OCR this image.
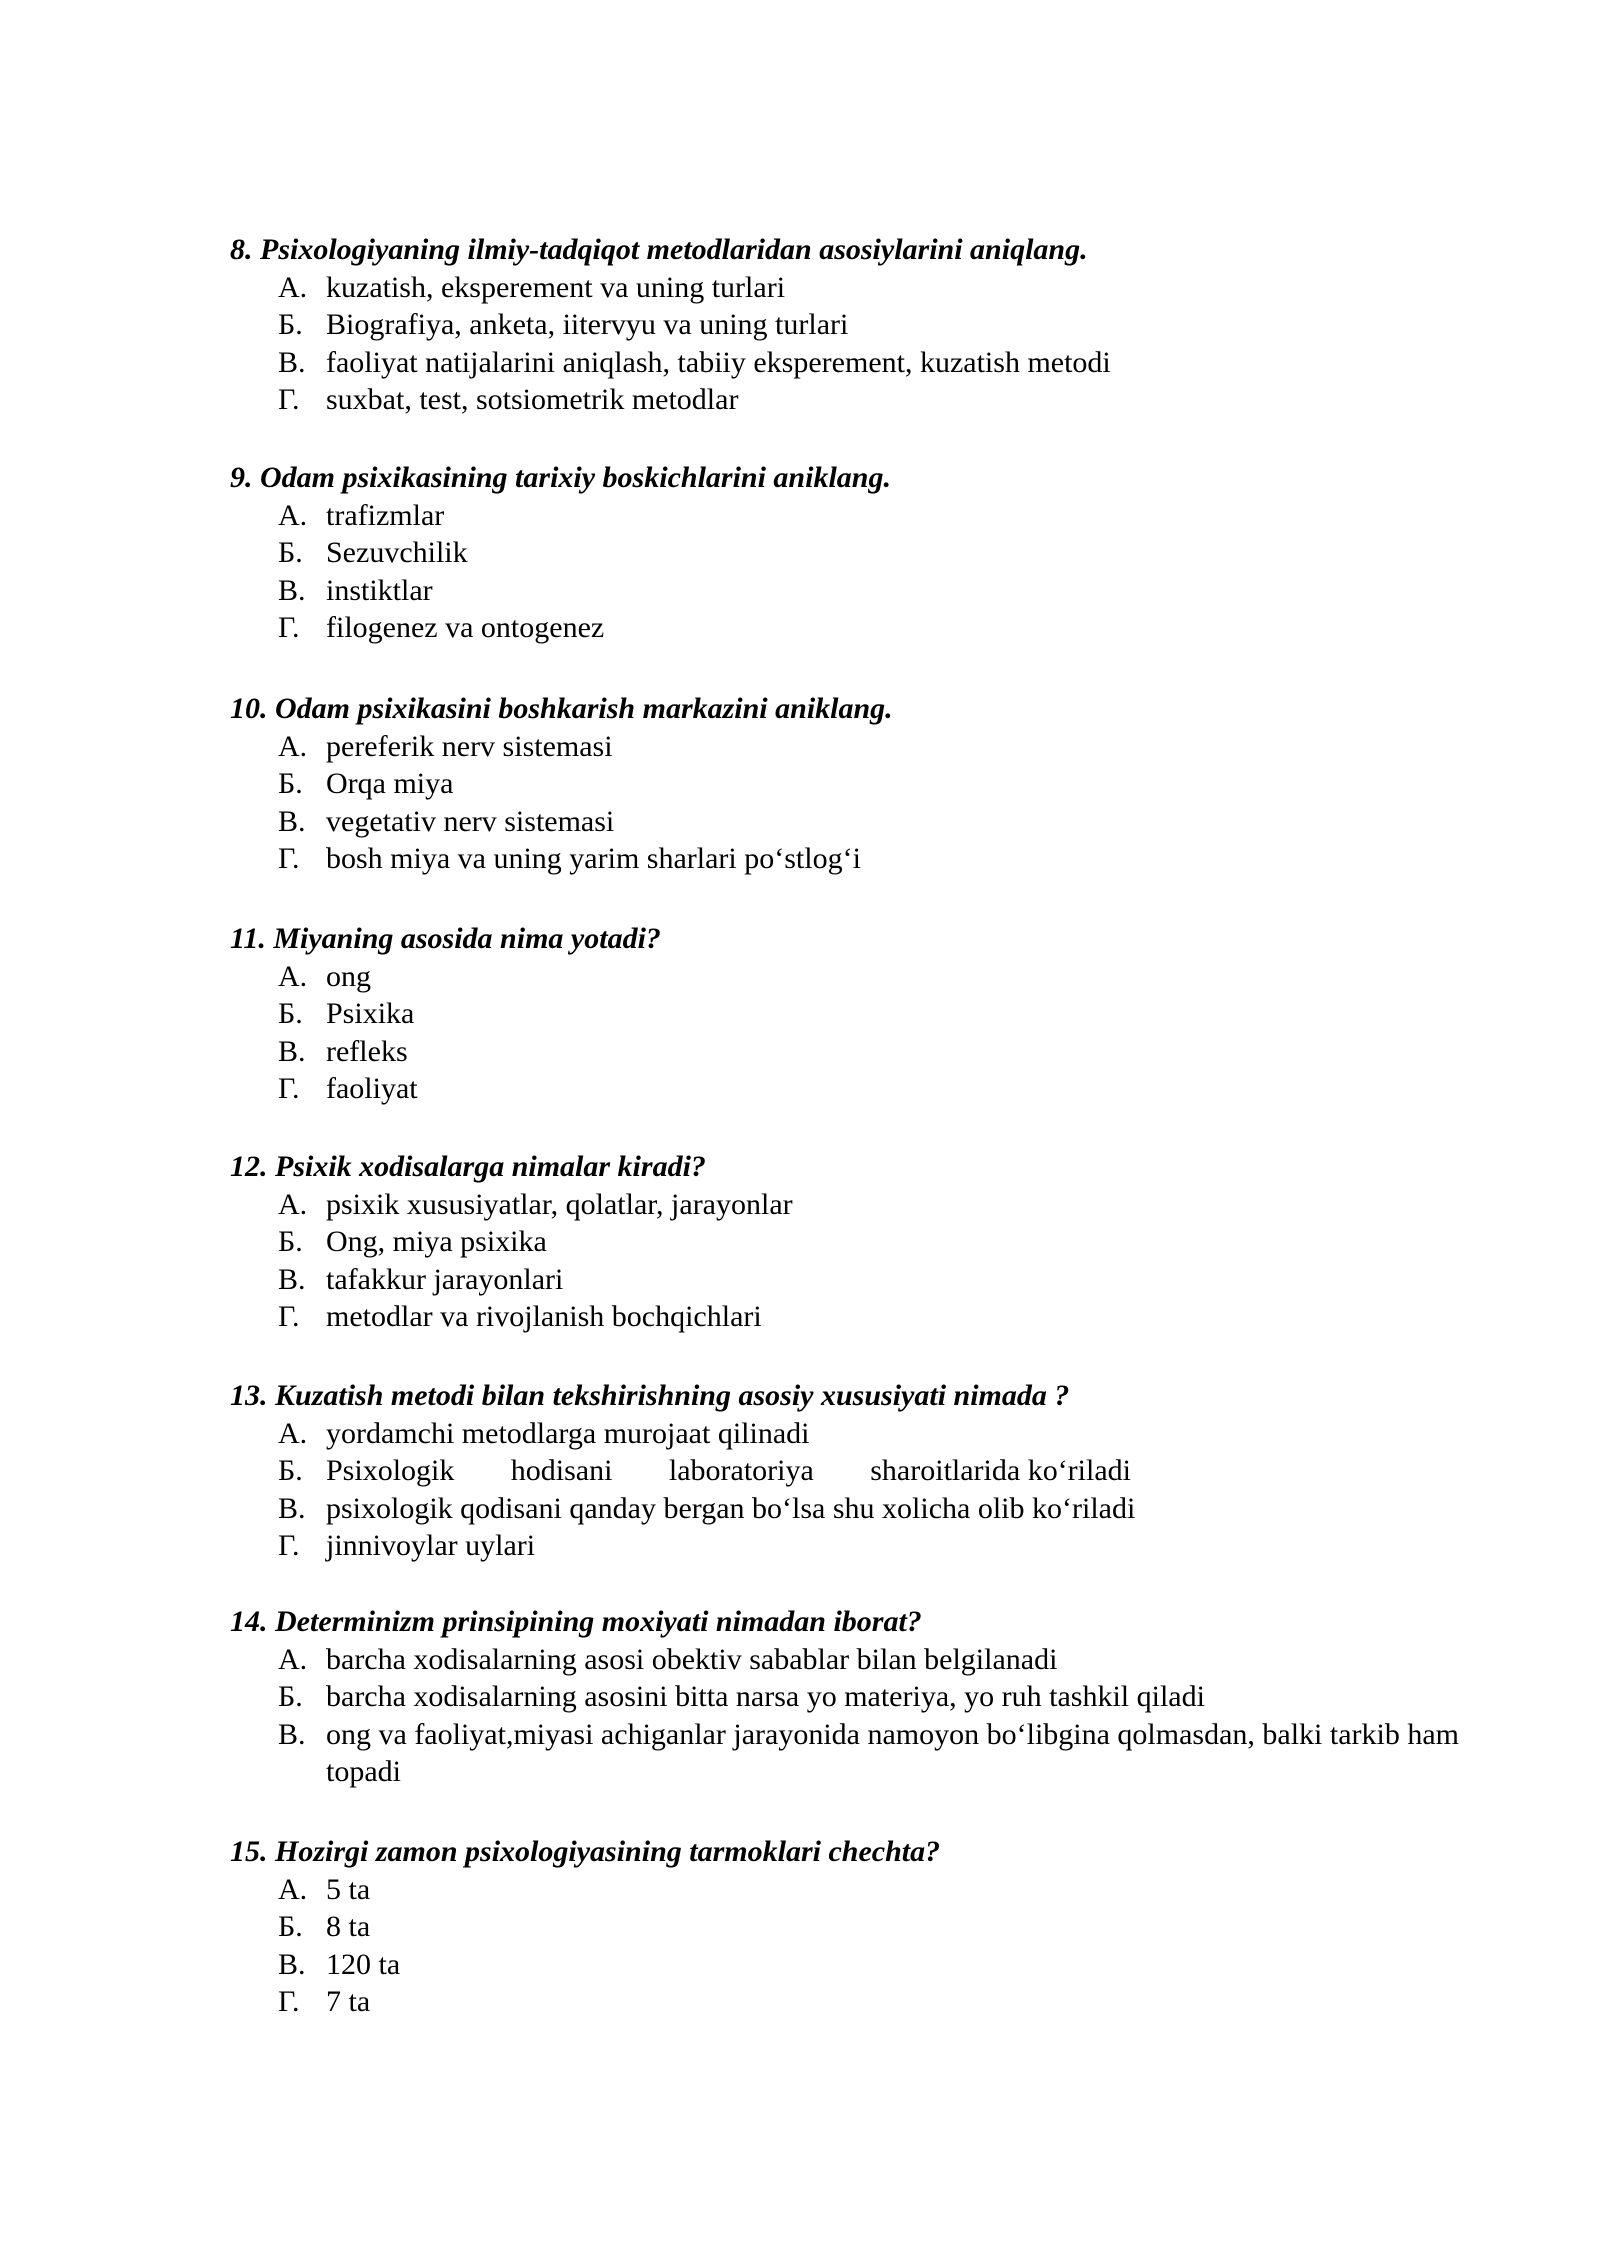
8. Psixologiyaning ilmiy-tadqiqot metodlaridan asosiylarini aniqlang.

А. kuzatish, eksperement va uning turlari
Б. Biografiya, anketa, iitervyu va uning turlari
В. faoliyat natijalarini aniqlash, tabiiy eksperement, kuzatish metodi
Г. suxbat, test, sotsiometrik metodlar

9. Odam psixikasining tarixiy boskichlarini aniklang.

А. trafizmlar
Б. Sezuvchilik
В. instiktlar
Г. filogenez va ontogenez

10. Odam psixikasini boshkarish markazini aniklang.

А. pereferik nerv sistemasi
Б. Orqa miya
В. vegetativ nerv sistemasi
Г. bosh miya va uning yarim sharlari po‘stlog‘i

11. Miyaning asosida nima yotadi?

А. ong
Б. Psixika
В. refleks
Г. faoliyat

12. Psixik xodisalarga nimalar kiradi?

А. psixik xususiyatlar, qolatlar, jarayonlar
Б. Ong, miya psixika
В. tafakkur jarayonlari
Г. metodlar va rivojlanish bochqichlari

13. Kuzatish metodi bilan tekshirishning asosiy xususiyati nimada ?

А. yordamchi metodlarga murojaat qilinadi
Б. Psixologik hodisani laboratoriya sharoitlarida ko‘riladi
В. psixologik qodisani qanday bergan bo‘lsa shu xolicha olib ko‘riladi
Г. jinnivoylar uylari

14. Determinizm prinsipining moxiyati nimadan iborat?

А. barcha xodisalarning asosi obektiv sabablar bilan belgilanadi
Б. barcha xodisalarning asosini bitta narsa yo materiya, yo ruh tashkil qiladi
В. ong va faoliyat,miyasi achiganlar jarayonida namoyon bo‘libgina qolmasdan, balki tarkib ham topadi

15. Hozirgi zamon psixologiyasining tarmoklari chechta?

А. 5 ta
Б. 8 ta
В. 120 ta
Г. 7 ta
